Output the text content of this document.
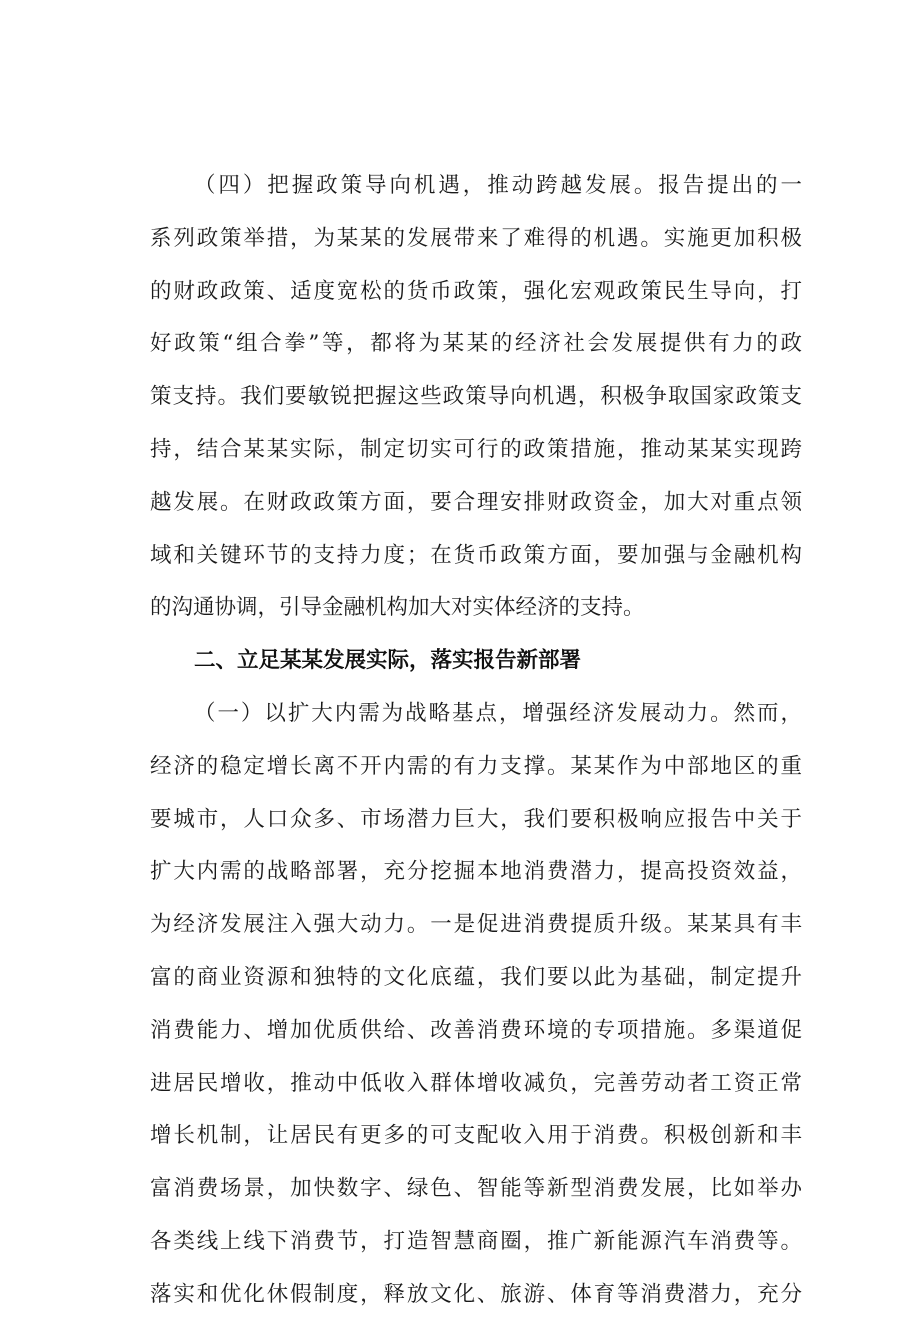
（四）把握政策导向机遇，推动跨越发展。报告提出的一
系列政策举措，为某某的发展带来了难得的机遇。实施更加积极
的财政政策、适度宽松的货币政策，强化宏观政策民生导向，打
好政策“组合拳”等，都将为某某的经济社会发展提供有力的政
策支持。我们要敏锐把握这些政策导向机遇，积极争取国家政策支
持，结合某某实际，制定切实可行的政策措施，推动某某实现跨
越发展。在财政政策方面，要合理安排财政资金，加大对重点领
域和关键环节的支持力度；在货币政策方面，要加强与金融机构
的沟通协调，引导金融机构加大对实体经济的支持。
二、立足某某发展实际，落实报告新部署
（一）以扩大内需为战略基点，增强经济发展动力。然而，
经济的稳定增长离不开内需的有力支撑。某某作为中部地区的重
要城市，人口众多、市场潜力巨大，我们要积极响应报告中关于
扩大内需的战略部署，充分挖掘本地消费潜力，提高投资效益，
为经济发展注入强大动力。一是促进消费提质升级。某某具有丰
富的商业资源和独特的文化底蕴，我们要以此为基础，制定提升
消费能力、增加优质供给、改善消费环境的专项措施。多渠道促
进居民增收，推动中低收入群体增收减负，完善劳动者工资正常
增长机制，让居民有更多的可支配收入用于消费。积极创新和丰
富消费场景，加快数字、绿色、智能等新型消费发展，比如举办
各类线上线下消费节，打造智慧商圈，推广新能源汽车消费等。
落实和优化休假制度，释放文化、旅游、体育等消费潜力，充分
